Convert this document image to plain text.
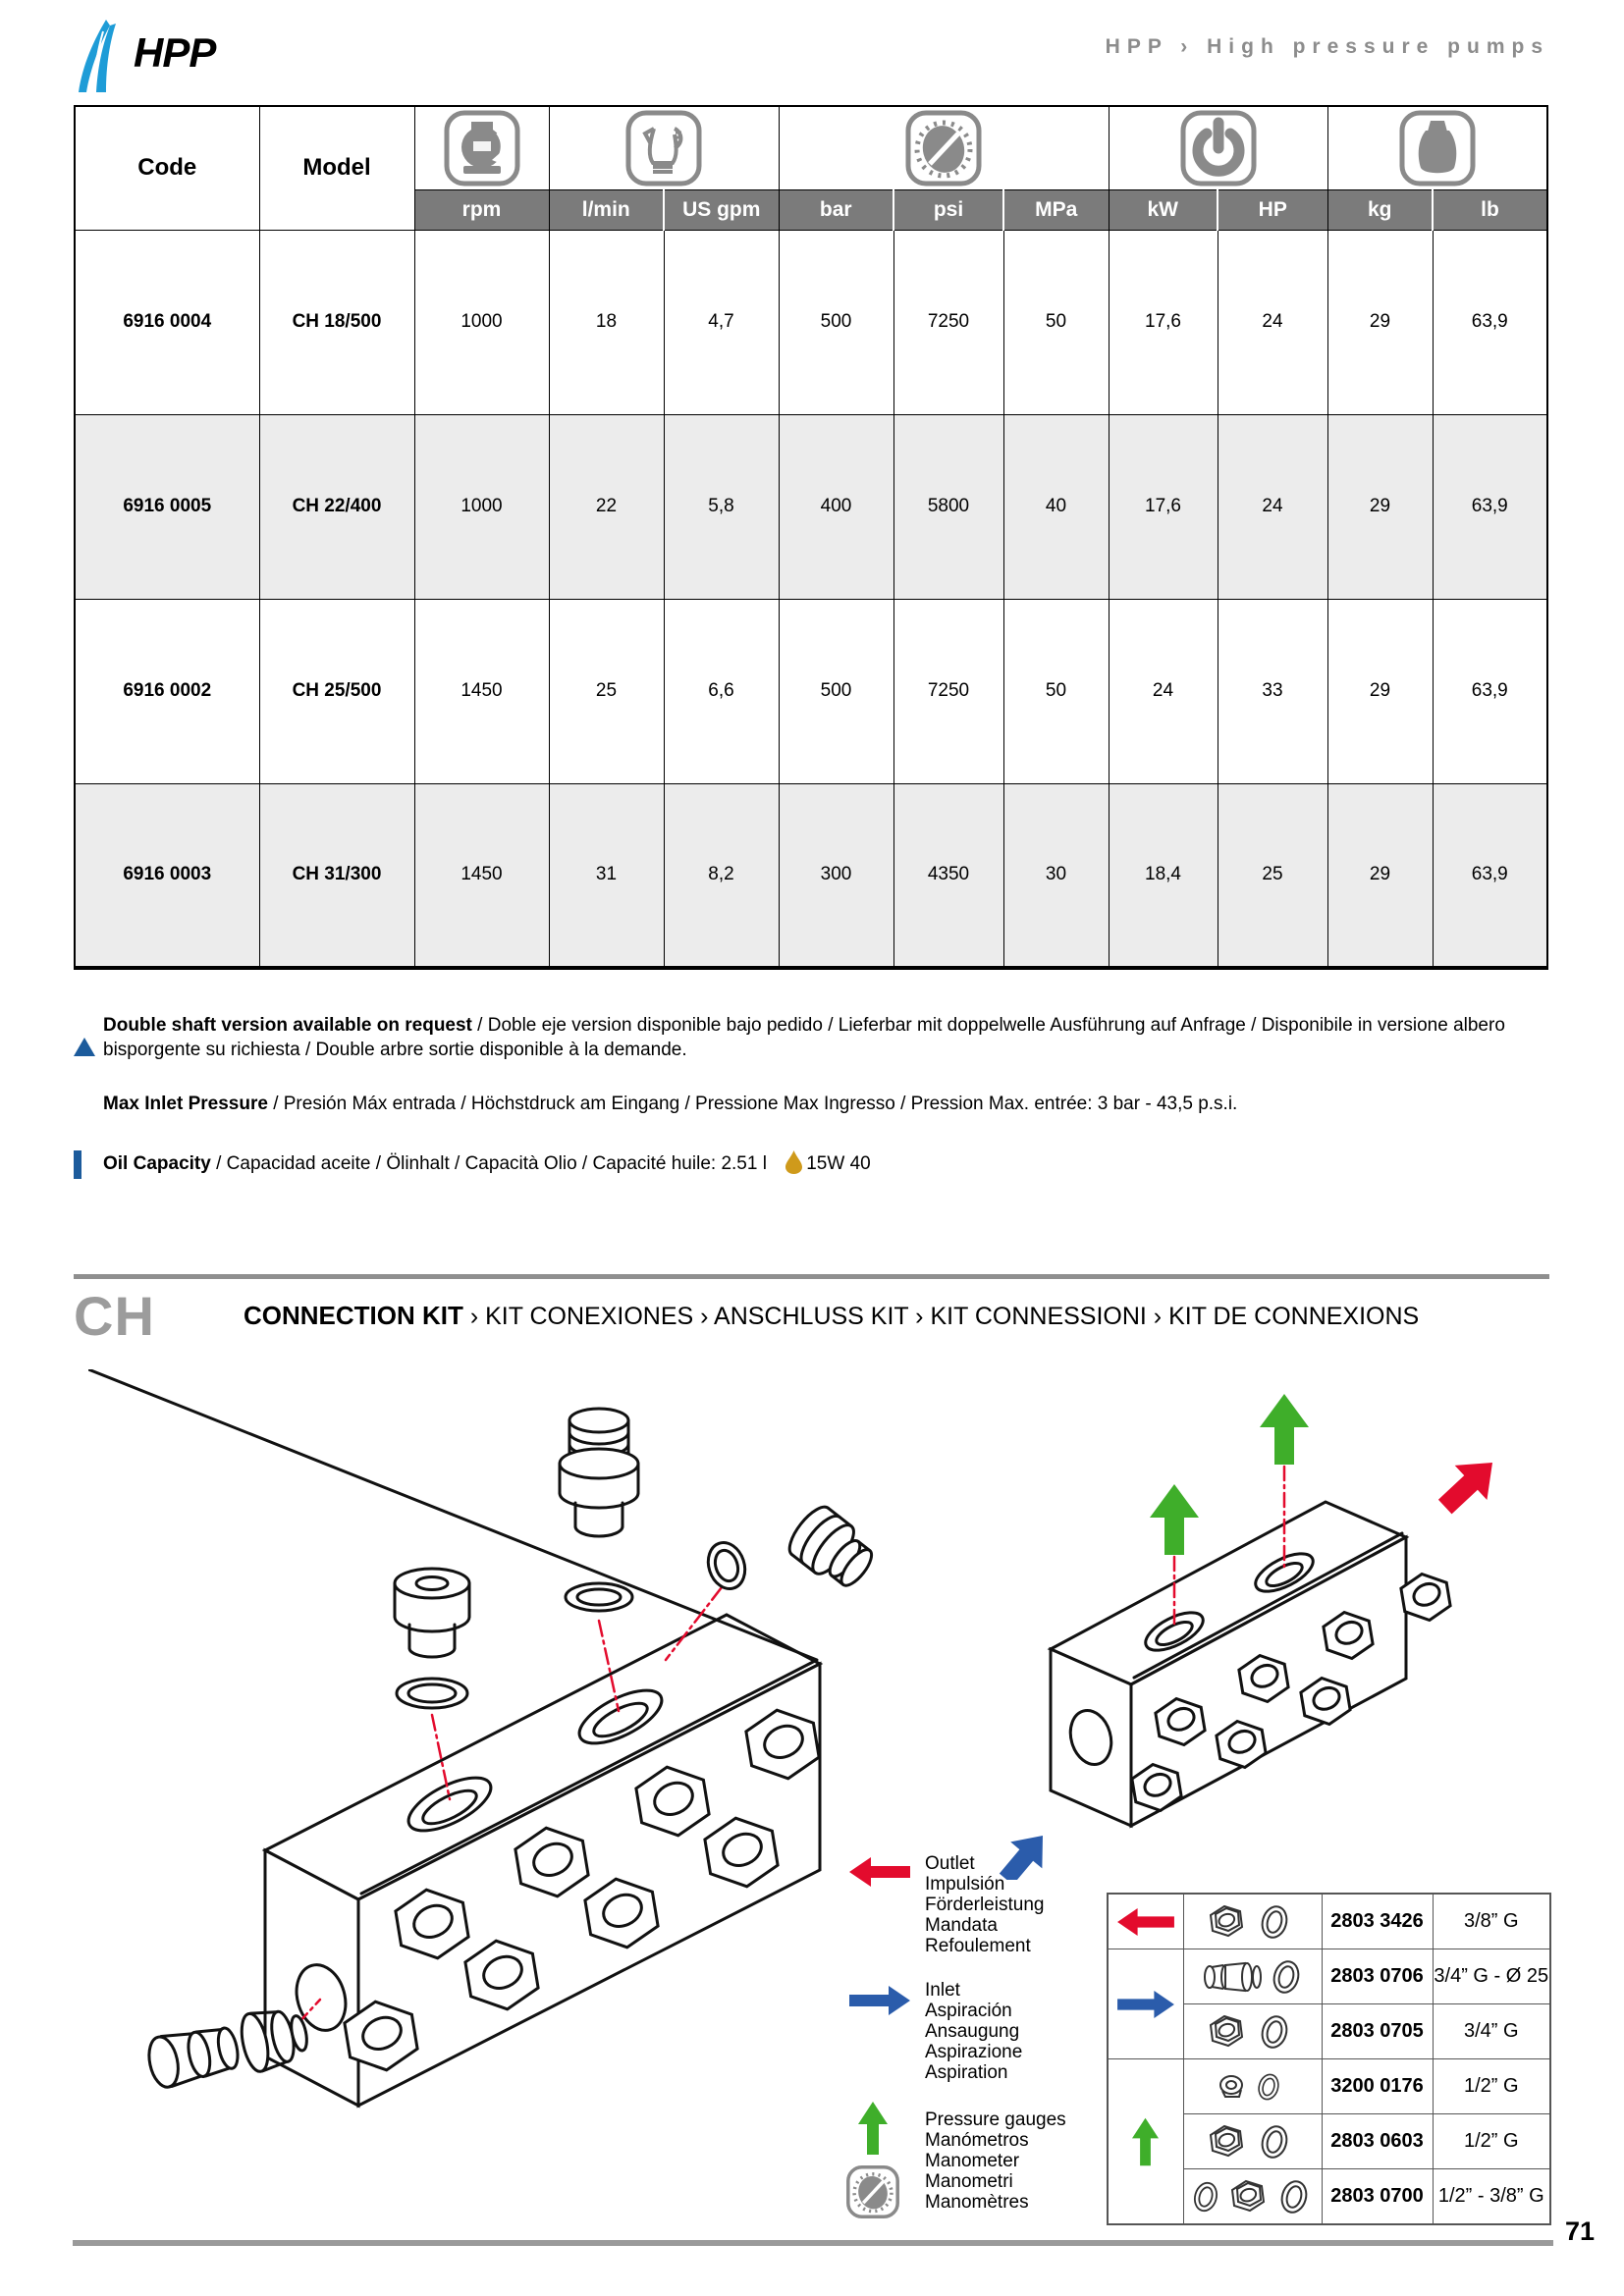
HPP	HPP › High pressure pumps
Code	Model	

		rpm	l/min	US gpm	bar	psi	MPa	kW	HP	kg	lb
6916 0004	CH 18/500	1000	18	4,7	500	7250	50	17,6	24	29	63,9
6916 0005	CH 22/400	1000	22	5,8	400	5800	40	17,6	24	29	63,9
6916 0002	CH 25/500	1450	25	6,6	500	7250	50	24	33	29	63,9
6916 0003	CH 31/300	1450	31	8,2	300	4350	30	18,4	25	29	63,9
Double shaft version available on request / Doble eje version disponible bajo pedido / Lieferbar mit doppelwelle Ausführung auf Anfrage / Disponibile in versione albero bisporgente su richiesta / Double arbre sortie disponible à la demande.
Max Inlet Pressure / Presión Máx entrada / Höchstdruck am Eingang / Pressione Max Ingresso / Pression Max. entrée: 3 bar - 43,5 p.s.i.
Oil Capacity / Capacidad aceite / Ölinhalt / Capacità Olio / Capacité huile: 2.51 l 15W 40
CH	CONNECTION KIT › KIT CONEXIONES › ANSCHLUSS KIT › KIT CONNESSIONI › KIT DE CONNEXIONS
Outlet
Impulsión
Förderleistung
Mandata
Refoulement
Inlet
Aspiración
Ansaugung
Aspirazione
Aspiration
Pressure gauges
Manómetros
Manometer
Manometri
Manomètres

	2803 3426	3/8” G

	2803 0706	3/4” G - Ø 25

	2803 0705	3/4” G

	3200 0176	1/2” G

	2803 0603	1/2” G

	2803 0700	1/2” - 3/8” G
71
